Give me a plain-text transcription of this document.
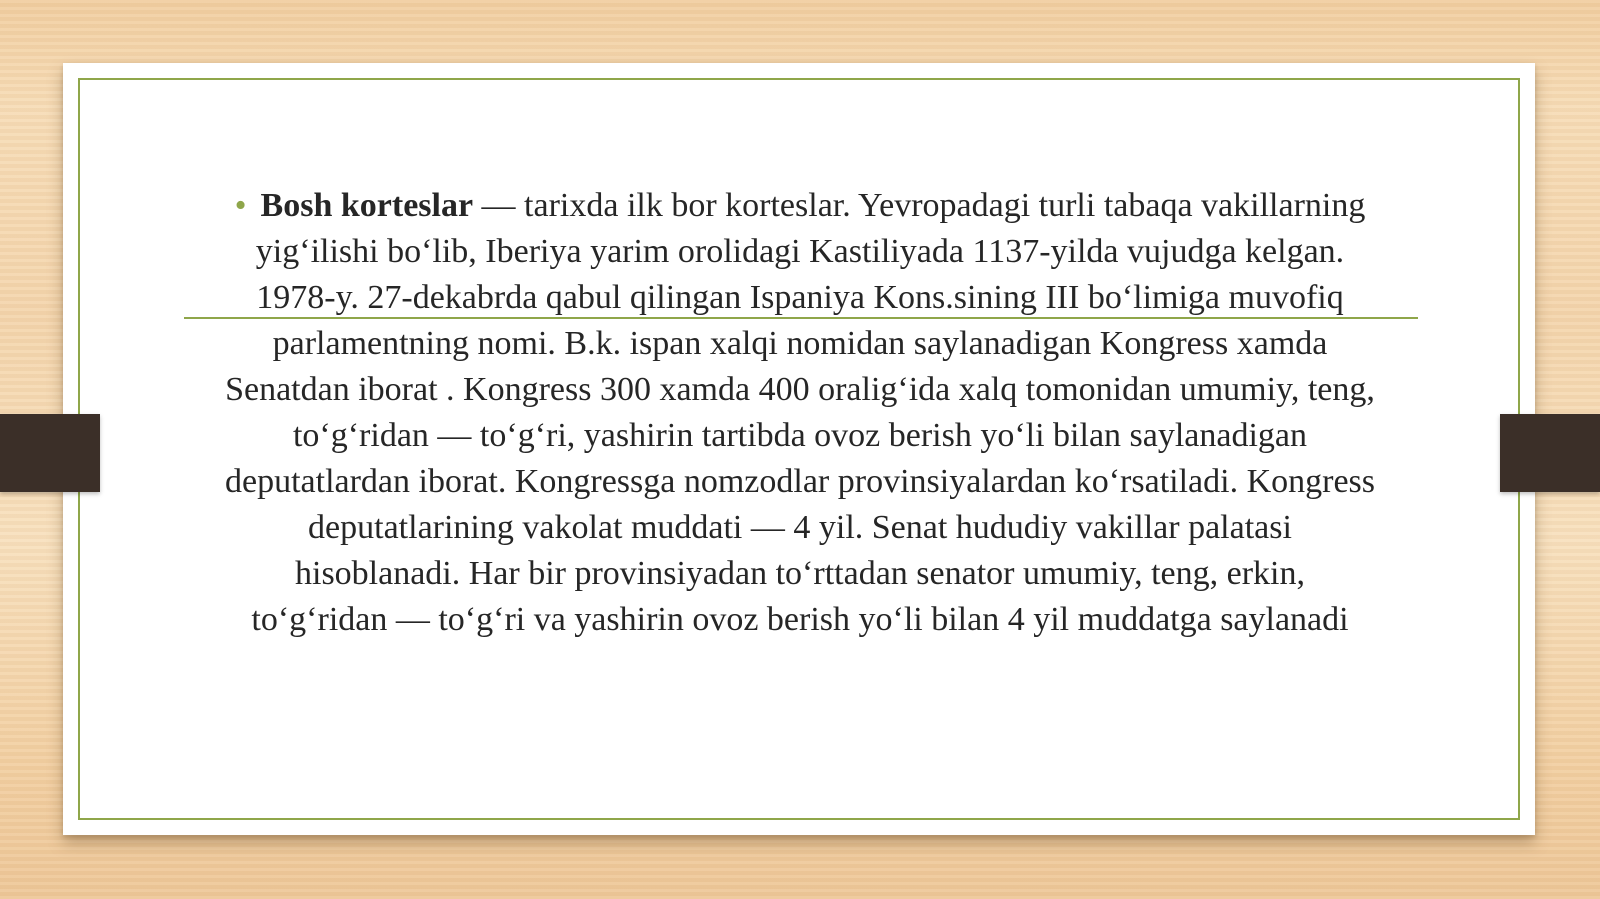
• Bosh korteslar — tarixda ilk bor korteslar. Yevropadagi turli tabaqa vakillarning yig‘ilishi bo‘lib, Iberiya yarim orolidagi Kastiliyada 1137-yilda vujudga kelgan. 1978-y. 27-dekabrda qabul qilingan Ispaniya Kons.sining III bo‘limiga muvofiq parlamentning nomi. B.k. ispan xalqi nomidan saylanadigan Kongress xamda Senatdan iborat . Kongress 300 xamda 400 oralig‘ida xalq tomonidan umumiy, teng, to‘g‘ridan — to‘g‘ri, yashirin tartibda ovoz berish yo‘li bilan saylanadigan deputatlardan iborat. Kongressga nomzodlar provinsiyalardan ko‘rsatiladi. Kongress deputatlarining vakolat muddati — 4 yil. Senat hududiy vakillar palatasi hisoblanadi. Har bir provinsiyadan to‘rttadan senator umumiy, teng, erkin, to‘g‘ridan — to‘g‘ri va yashirin ovoz berish yo‘li bilan 4 yil muddatga saylanadi
